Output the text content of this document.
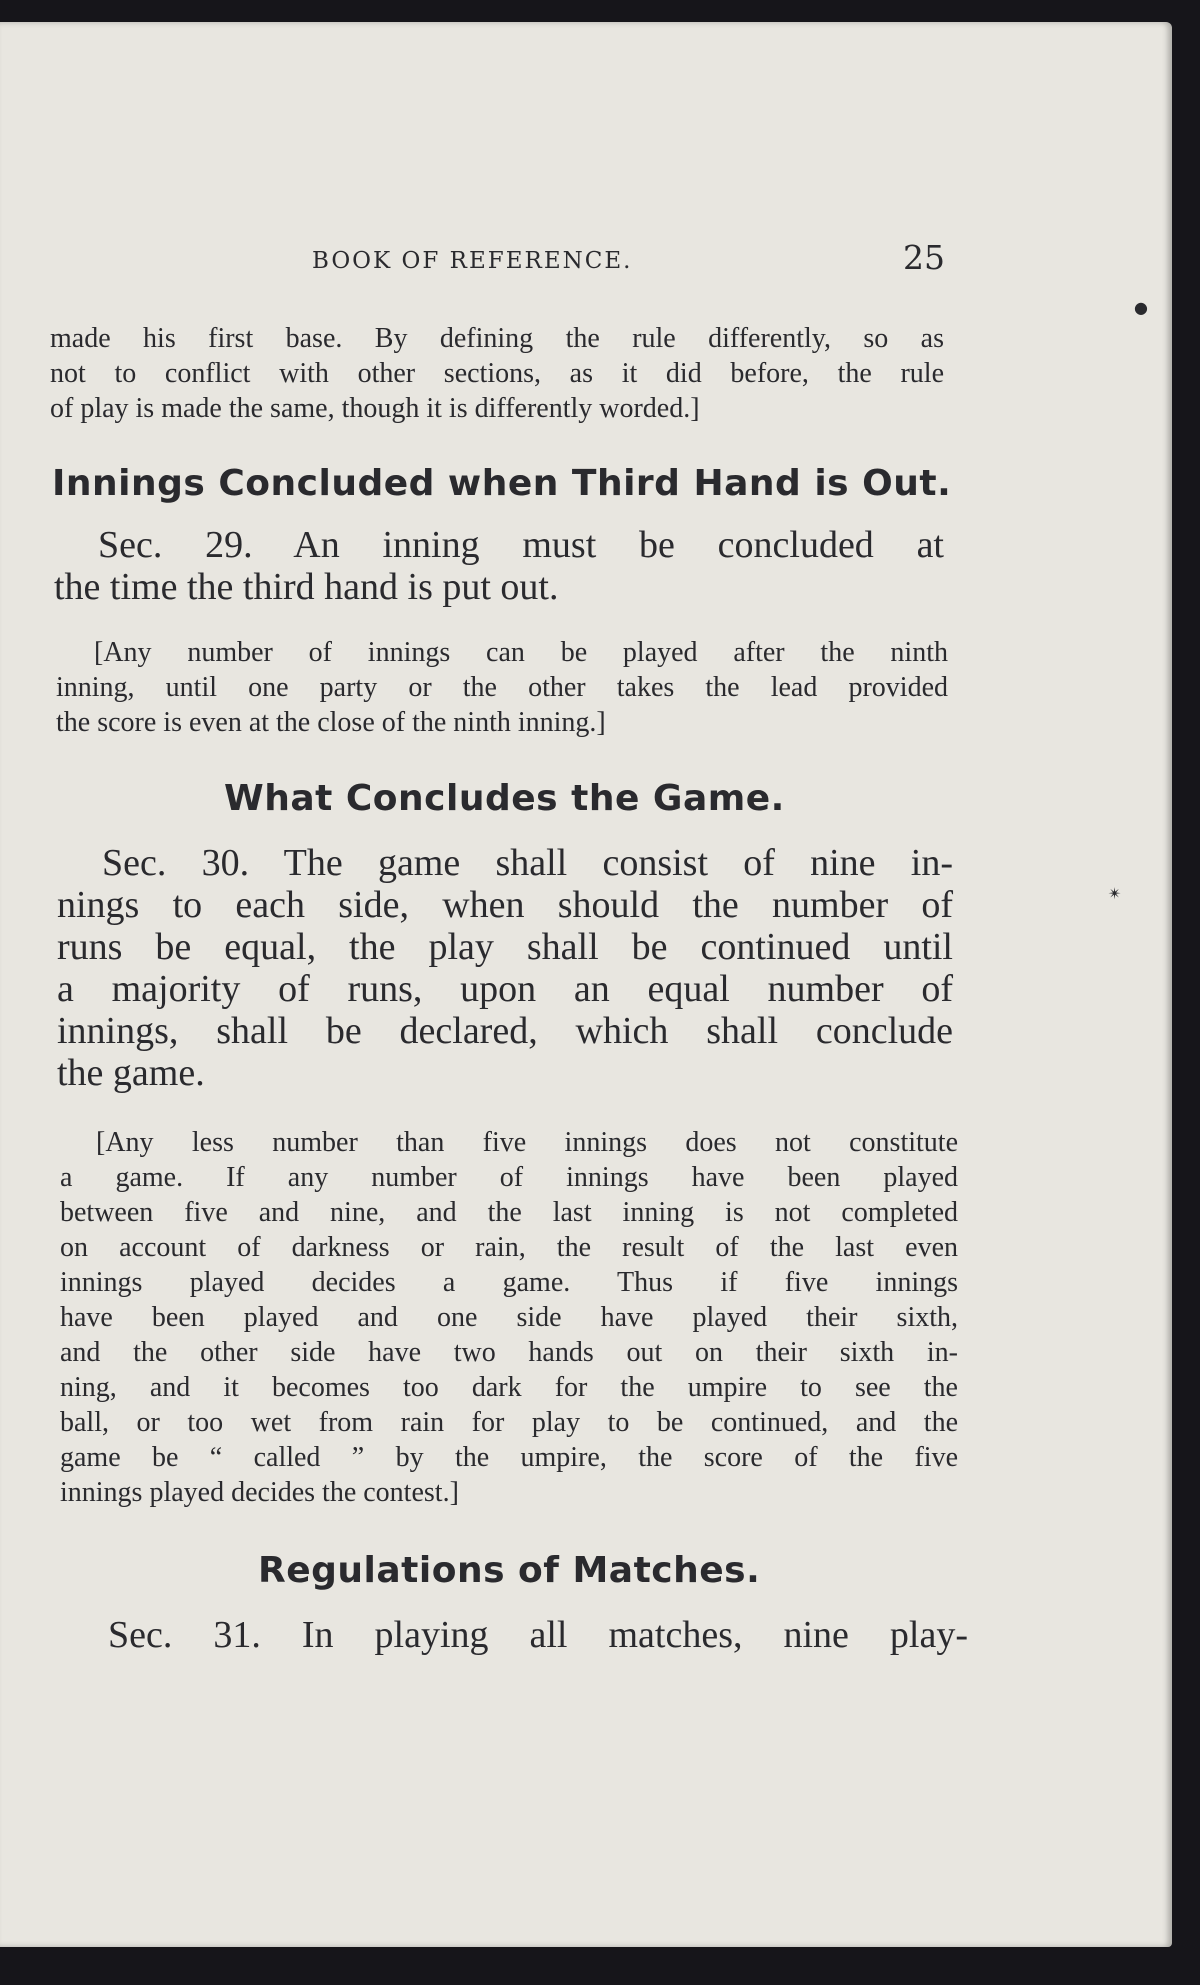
BOOK OF REFERENCE.	25
made his first base. By defining the rule differently, so as
not to conflict with other sections, as it did before, the rule
of play is made the same, though it is differently worded.]
Innings Concluded when Third Hand is Out.
Sec. 29. An inning must be concluded at
the time the third hand is put out.
[Any number of innings can be played after the ninth
inning, until one party or the other takes the lead provided
the score is even at the close of the ninth inning.]
What Concludes the Game.
Sec. 30. The game shall consist of nine in-
nings to each side, when should the number of
runs be equal, the play shall be continued until
a majority of runs, upon an equal number of
innings, shall be declared, which shall conclude
the game.
[Any less number than five innings does not constitute
a game. If any number of innings have been played
between five and nine, and the last inning is not completed
on account of darkness or rain, the result of the last even
innings played decides a game. Thus if five innings
have been played and one side have played their sixth,
and the other side have two hands out on their sixth in-
ning, and it becomes too dark for the umpire to see the
ball, or too wet from rain for play to be continued, and the
game be “ called ” by the umpire, the score of the five
innings played decides the contest.]
Regulations of Matches.
Sec. 31. In playing all matches, nine play-
●
✴
